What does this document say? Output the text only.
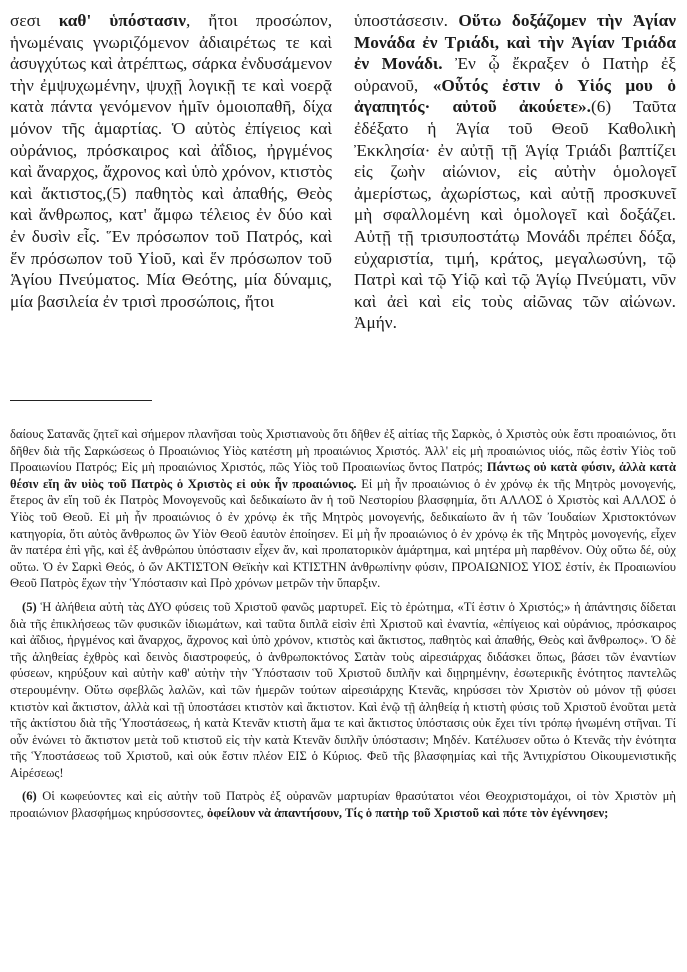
σεσι καθ' ὑπόστασιν, ἤτοι προσώπον, ἡνωμέναις γνωριζόμενον ἀδιαιρέτως τε καὶ ἀσυγχύτως καὶ ἀτρέπτως, σάρκα ἐνδυσάμενον τὴν ἐμψυχωμένην, ψυχῇ λογικῇ τε καὶ νοερᾷ κατὰ πάντα γενόμενον ἡμῖν ὁμοιοπαθῆ, δίχα μόνον τῆς ἁμαρτίας. Ὁ αὐτὸς ἐπίγειος καὶ οὐράνιος, πρόσκαιρος καὶ ἀΐδιος, ἠργμένος καὶ ἄναρχος, ἄχρονος καὶ ὑπὸ χρόνον, κτιστὸς καὶ ἄκτιστος,(5) παθητὸς καὶ ἀπαθής, Θεὸς καὶ ἄνθρωπος, κατ' ἄμφω τέλειος ἐν δύο καὶ ἐν δυσὶν εἷς. Ἕν πρόσωπον τοῦ Πατρός, καὶ ἕν πρόσωπον τοῦ Υἱοῦ, καὶ ἕν πρόσωπον τοῦ Ἁγίου Πνεύματος. Μία Θεότης, μία δύναμις, μία βασιλεία ἐν τρισὶ προσώποις, ἤτοι

ὑποστάσεσιν. Οὕτω δοξάζομεν τὴν Ἁγίαν Μονάδα ἐν Τριάδι, καὶ τὴν Ἁγίαν Τριάδα ἐν Μονάδι. Ἐν ᾧ ἔκραξεν ὁ Πατὴρ ἐξ οὐρανοῦ, «Οὗτός ἐστιν ὁ Υἱός μου ὁ ἀγαπητός· αὐτοῦ ἀκούετε».(6) Ταῦτα ἐδέξατο ἡ Ἁγία τοῦ Θεοῦ Καθολικὴ Ἐκκλησία· ἐν αὐτῇ τῇ Ἁγίᾳ Τριάδι βαπτίζει εἰς ζωὴν αἰώνιον, εἰς αὐτὴν ὁμολογεῖ ἀμερίστως, ἀχωρίστως, καὶ αὐτῇ προσκυνεῖ μὴ σφαλλομένη καὶ ὁμολογεῖ καὶ δοξάζει. Αὐτῇ τῇ τρισυποστάτῳ Μονάδι πρέπει δόξα, εὐχαριστία, τιμή, κράτος, μεγαλωσύνη, τῷ Πατρὶ καὶ τῷ Υἱῷ καὶ τῷ Ἁγίῳ Πνεύματι, νῦν καὶ ἀεὶ καὶ εἰς τοὺς αἰῶνας τῶν αἰώνων. Ἀμήν.

δαίους Σατανᾶς ζητεῖ καὶ σήμερον πλανῆσαι τοὺς Χριστιανοὺς ὅτι δῆθεν ἐξ αἰτίας τῆς Σαρκὸς, ὁ Χριστὸς οὐκ ἔστι προαιώνιος, ὅτι δῆθεν διὰ τῆς Σαρκώσεως ὁ Προαιώνιος Υἱὸς κατέστη μὴ προαιώνιος Χριστός. Ἀλλ' εἰς μὴ προαιώνιος υἱός, πῶς ἐστὶν Υἱὸς τοῦ Προαιωνίου Πατρός; Εἰς μὴ προαιώνιος Χριστός, πῶς Υἱὸς τοῦ Προαιωνίως ὄντος Πατρός; Πάντως οὐ κατὰ φύσιν, ἀλλὰ κατὰ θέσιν εἴη ἂν υἱὸς τοῦ Πατρὸς ὁ Χριστὸς εἰ οὐκ ἦν προαιώνιος. Εἰ μὴ ἦν προαιώνιος ὁ ἐν χρόνῳ ἐκ τῆς Μητρὸς μονογενής, ἕτερος ἂν εἴη τοῦ ἐκ Πατρὸς Μονογενοῦς καὶ δεδικαίωτο ἂν ἡ τοῦ Νεστορίου βλασφημία, ὅτι ΑΛΛΟΣ ὁ Χριστὸς καὶ ΑΛΛΟΣ ὁ Υἱὸς τοῦ Θεοῦ. Εἰ μὴ ἦν προαιώνιος ὁ ἐν χρόνῳ ἐκ τῆς Μητρὸς μονογενής, δεδικαίωτο ἂν ἡ τῶν Ἰουδαίων Χριστοκτόνων κατηγορία, ὅτι αὐτὸς ἄνθρωπος ὢν Υἱὸν Θεοῦ ἑαυτὸν ἐποίησεν. Εἰ μὴ ἦν προαιώνιος ὁ ἐν χρόνῳ ἐκ τῆς Μητρὸς μονογενής, εἶχεν ἂν πατέρα ἐπὶ γῆς, καὶ ἐξ ἀνθρώπου ὑπόστασιν εἶχεν ἄν, καὶ προπατορικὸν ἁμάρτημα, καὶ μητέρα μὴ παρθένον. Οὐχ οὕτω δέ, οὐχ οὕτω. Ὁ ἐν Σαρκὶ Θεός, ὁ ὤν ΑΚΤΙΣΤΟΝ Θεϊκὴν καὶ ΚΤΙΣΤΗΝ ἀνθρωπίνην φύσιν, ΠΡΟΑΙΩΝΙΟΣ ΥΙΟΣ ἐστίν, ἐκ Προαιωνίου Θεοῦ Πατρὸς ἔχων τὴν Ὑπόστασιν καὶ Πρὸ χρόνων μετρῶν τὴν ὕπαρξιν.

(5) Ἡ ἀλήθεια αὐτὴ τὰς ΔΥΟ φύσεις τοῦ Χριστοῦ φανῶς μαρτυρεῖ. Εἰς τὸ ἐρώτημα, «Τί ἐστιν ὁ Χριστός;» ἡ ἀπάντησις δίδεται διὰ τῆς ἐπικλήσεως τῶν φυσικῶν ἰδιωμάτων, καὶ ταῦτα διπλᾶ εἰσὶν ἐπὶ Χριστοῦ καὶ ἐναντία, «ἐπίγειος καὶ οὐράνιος, πρόσκαιρος καὶ ἀΐδιος, ἠργμένος καὶ ἄναρχος, ἄχρονος καὶ ὑπὸ χρόνον, κτιστὸς καὶ ἄκτιστος, παθητὸς καὶ ἀπαθής, Θεὸς καὶ ἄνθρωπος». Ὁ δὲ τῆς ἀληθείας ἐχθρὸς καὶ δεινὸς διαστροφεύς, ὁ ἀνθρωποκτόνος Σατὰν τοὺς αἱρεσιάρχας διδάσκει ὅπως, βάσει τῶν ἐναντίων φύσεων, κηρύξουν καὶ αὐτὴν καθ' αὐτὴν τὴν Ὑπόστασιν τοῦ Χριστοῦ διπλῆν καὶ διῃρημένην, ἐσωτερικῆς ἑνότητος παντελῶς στερουμένην. Οὕτω σφεβλῶς λαλῶν, καὶ τῶν ἡμερῶν τούτων αἱρεσιάρχης Κτενᾶς, κηρύσσει τὸν Χριστὸν οὐ μόνον τῇ φύσει κτιστὸν καὶ ἄκτιστον, ἀλλὰ καὶ τῇ ὑποστάσει κτιστὸν καὶ ἄκτιστον. Καὶ ἐνῷ τῇ ἀληθείᾳ ἡ κτιστὴ φύσις τοῦ Χριστοῦ ἑνοῦται μετὰ τῆς ἀκτίστου διὰ τῆς Ὑποστάσεως, ἡ κατὰ Κτενᾶν κτιστὴ ἅμα τε καὶ ἄκτιστος ὑπόστασις οὐκ ἔχει τίνι τρόπῳ ἡνωμένη στῆναι. Τί οὖν ἑνώνει τὸ ἄκτιστον μετὰ τοῦ κτιστοῦ εἰς τὴν κατὰ Κτενᾶν διπλῆν ὑπόστασιν; Μηδέν. Κατέλυσεν οὕτω ὁ Κτενᾶς τὴν ἑνότητα τῆς Ὑποστάσεως τοῦ Χριστοῦ, καὶ οὐκ ἔστιν πλέον ΕΙΣ ὁ Κύριος. Φεῦ τῆς βλασφημίας καὶ τῆς Ἀντιχρίστου Οἰκουμενιστικῆς Αἱρέσεως!

(6) Οἱ κωφεύοντες καὶ εἰς αὐτὴν τοῦ Πατρὸς ἐξ οὐρανῶν μαρτυρίαν θρασύτατοι νέοι Θεοχριστομάχοι, οἱ τὸν Χριστὸν μὴ προαιώνιον βλασφήμως κηρύσσοντες, ὀφείλουν νὰ ἀπαντήσουν, Τίς ὁ πατὴρ τοῦ Χριστοῦ καὶ πότε τὸν ἐγέννησεν;
